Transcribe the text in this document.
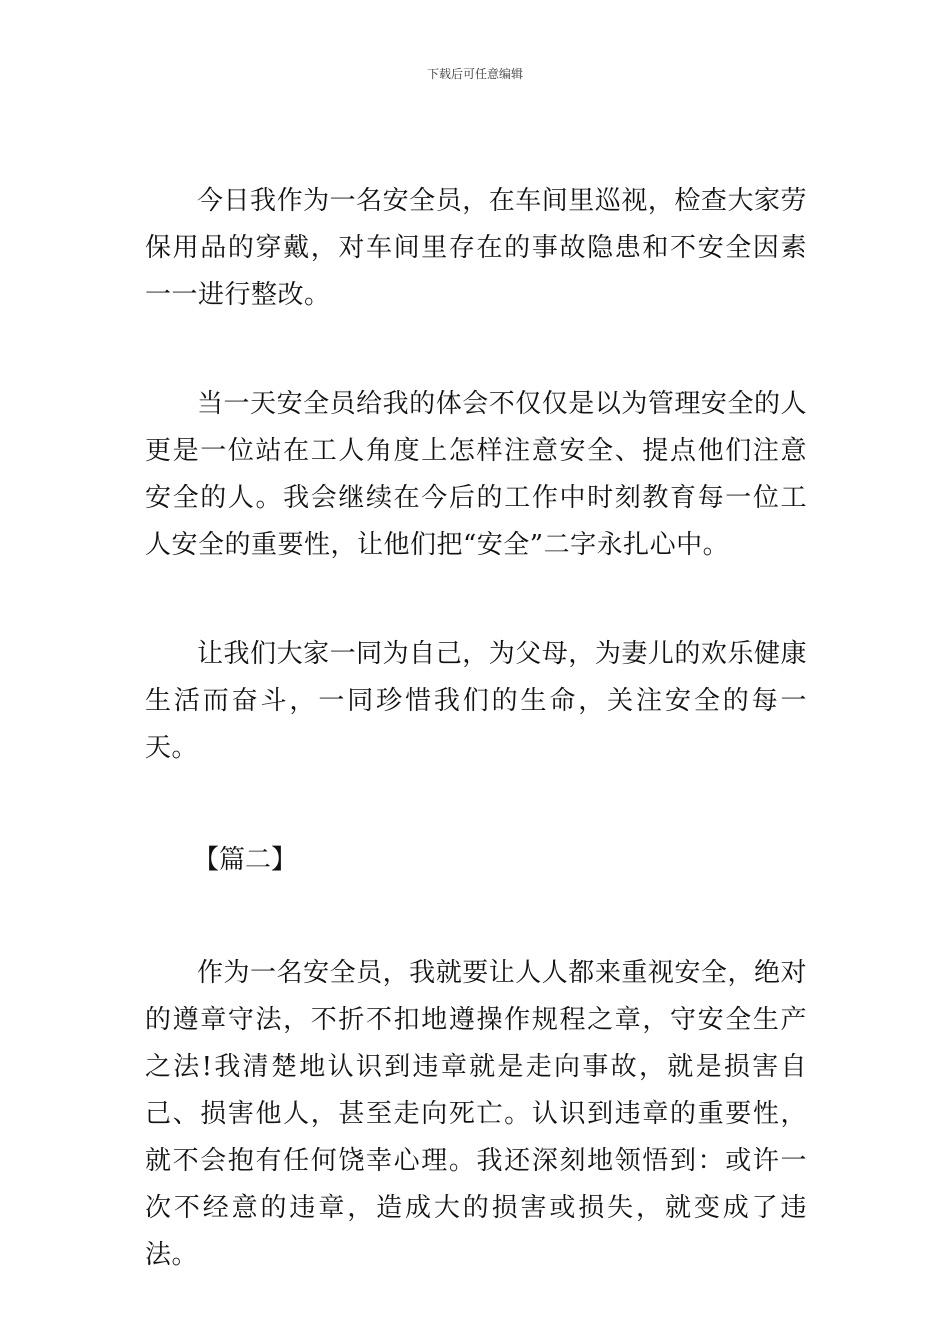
下载后可任意编辑

今日我作为一名安全员，在车间里巡视，检查大家劳保用品的穿戴，对车间里存在的事故隐患和不安全因素一一进行整改。

当一天安全员给我的体会不仅仅是以为管理安全的人更是一位站在工人角度上怎样注意安全、提点他们注意安全的人。我会继续在今后的工作中时刻教育每一位工人安全的重要性，让他们把“安全”二字永扎心中。

让我们大家一同为自己，为父母，为妻儿的欢乐健康生活而奋斗，一同珍惜我们的生命，关注安全的每一天。

【篇二】

作为一名安全员，我就要让人人都来重视安全，绝对的遵章守法，不折不扣地遵操作规程之章，守安全生产之法!我清楚地认识到违章就是走向事故，就是损害自己、损害他人，甚至走向死亡。认识到违章的重要性，就不会抱有任何饶幸心理。我还深刻地领悟到：或许一次不经意的违章，造成大的损害或损失，就变成了违法。
